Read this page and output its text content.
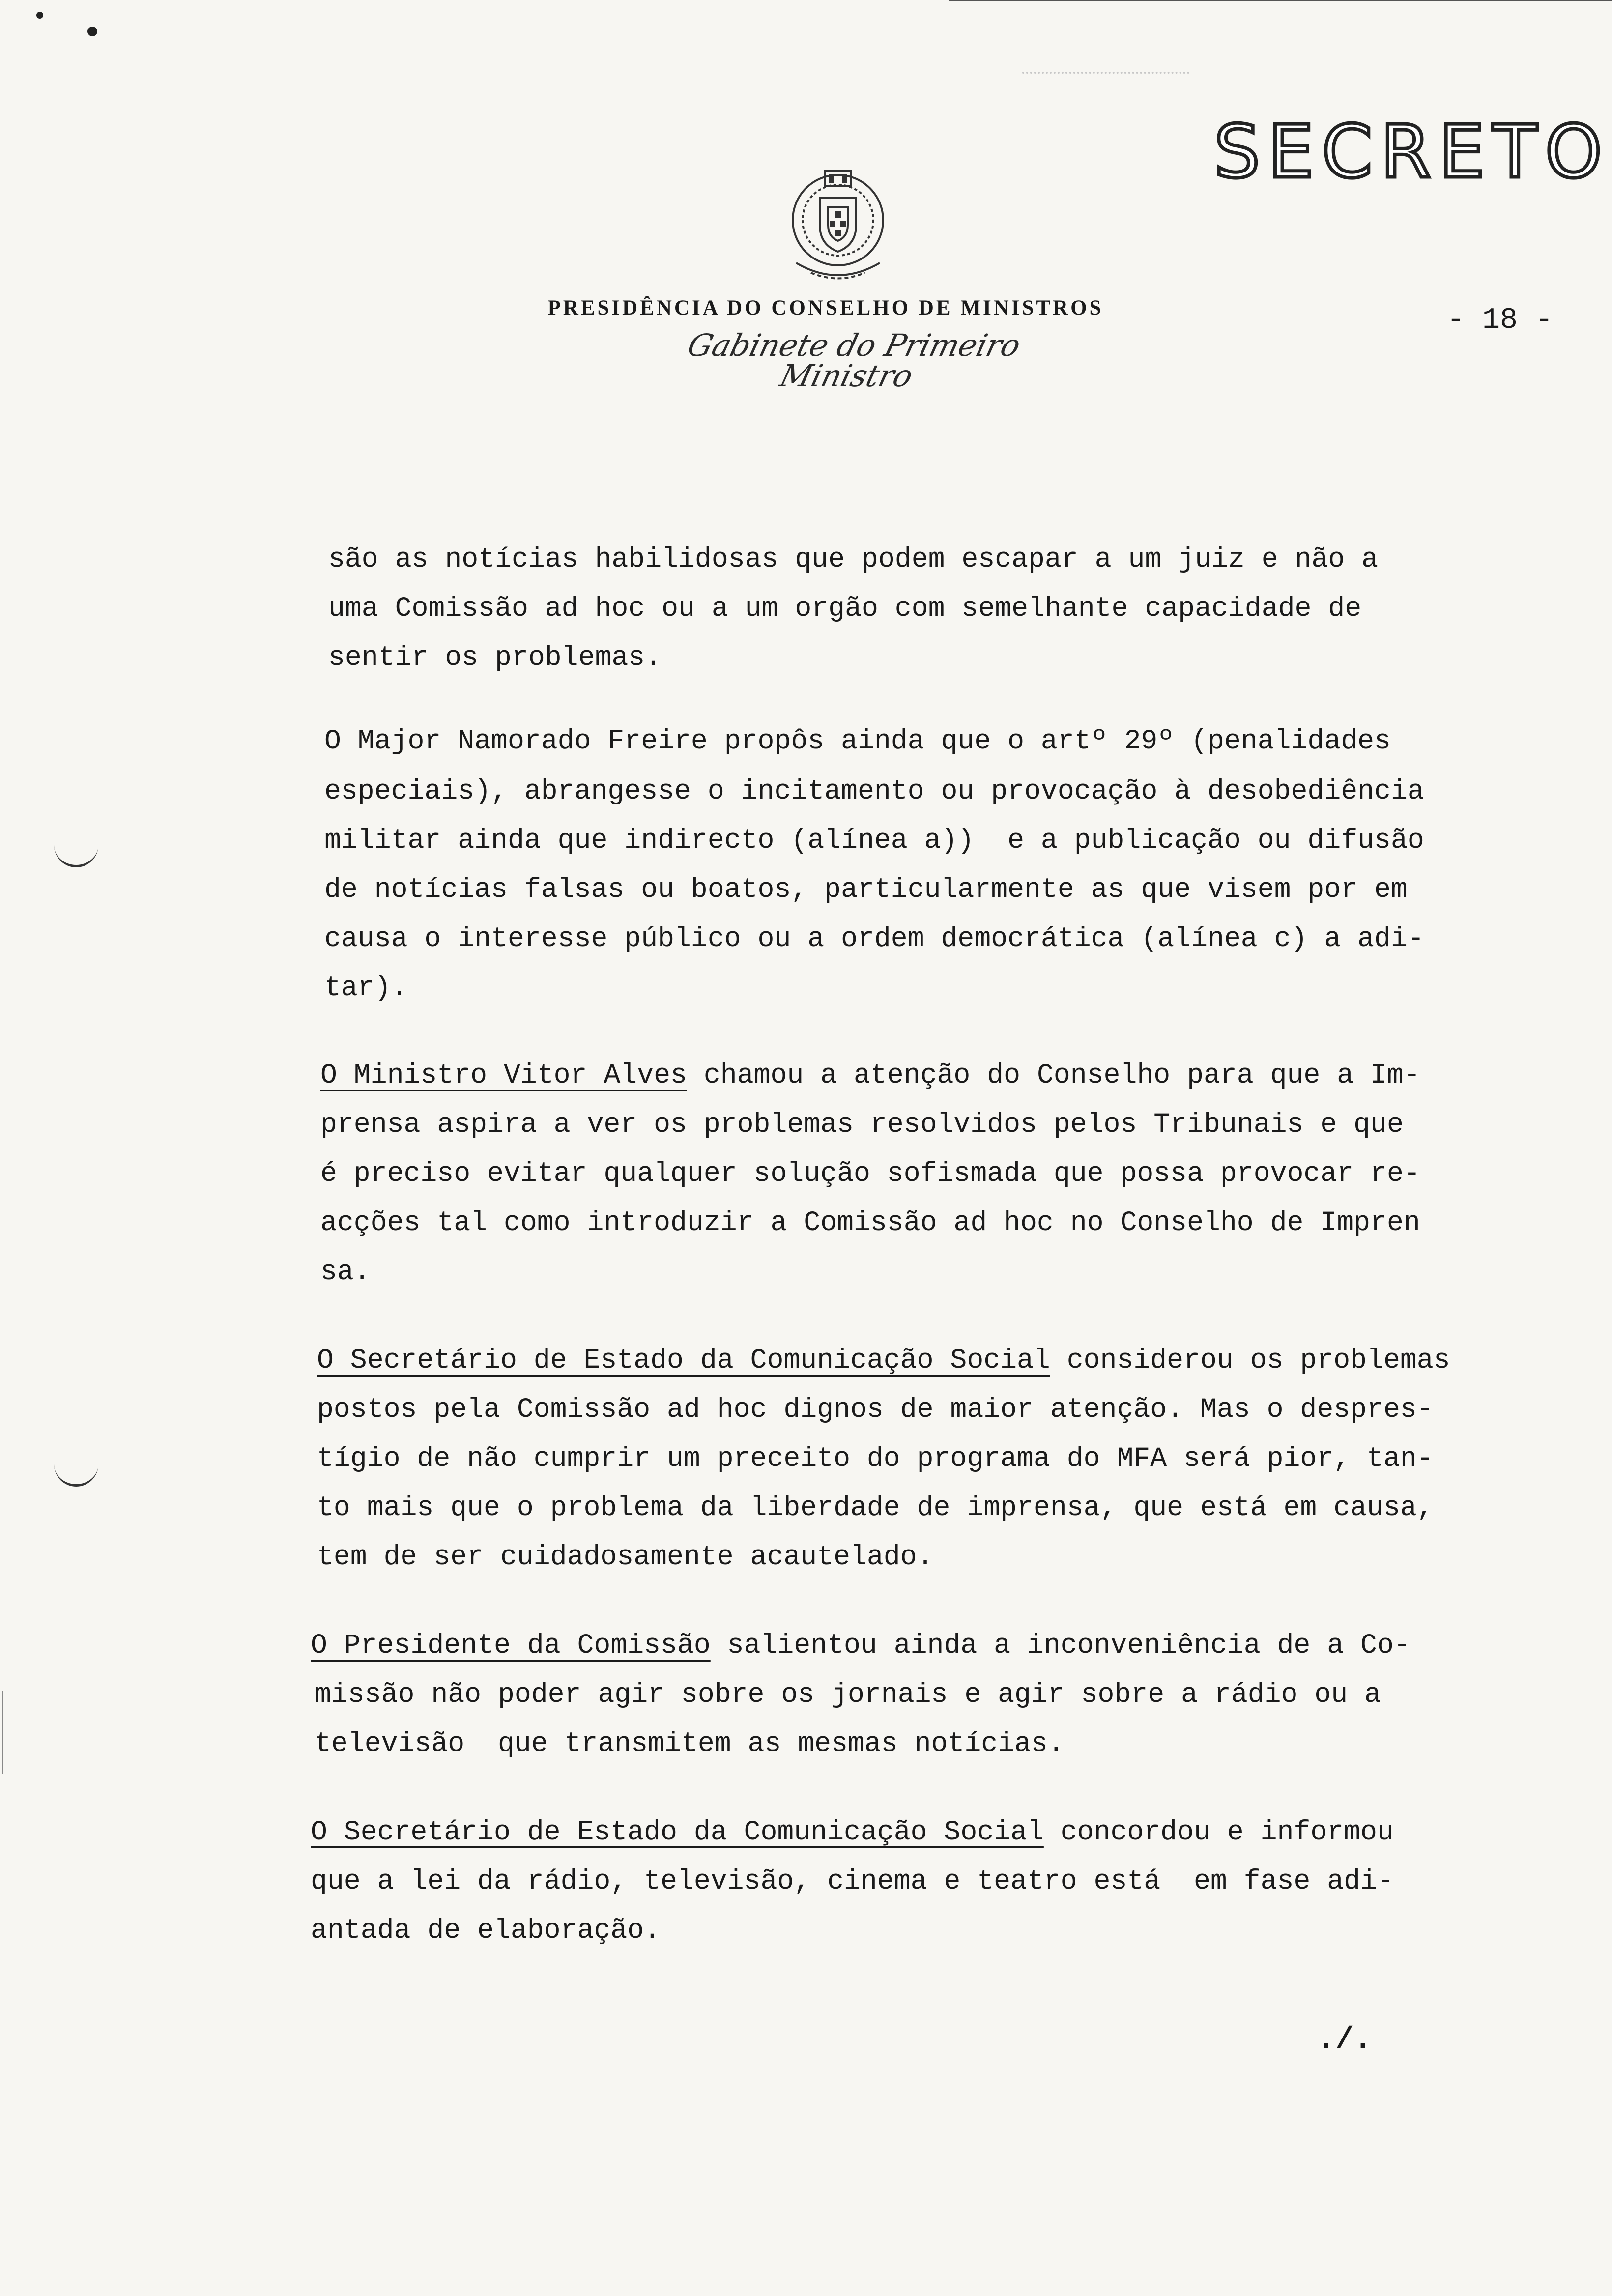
SECRETO
- 18 -
PRESIDÊNCIA DO CONSELHO DE MINISTROS
Gabinete do Primeiro Ministro
são as notícias habilidosas que podem escapar a um juiz e não a
uma Comissão ad hoc ou a um orgão com semelhante capacidade de
sentir os problemas.
O Major Namorado Freire propôs ainda que o artº 29º (penalidades
especiais), abrangesse o incitamento ou provocação à desobediência
militar ainda que indirecto (alínea a))  e a publicação ou difusão
de notícias falsas ou boatos, particularmente as que visem por em
causa o interesse público ou a ordem democrática (alínea c) a adi-
tar).
O Ministro Vitor Alves chamou a atenção do Conselho para que a Im-
prensa aspira a ver os problemas resolvidos pelos Tribunais e que
é preciso evitar qualquer solução sofismada que possa provocar re-
acções tal como introduzir a Comissão ad hoc no Conselho de Impren
sa.
O Secretário de Estado da Comunicação Social considerou os problemas
postos pela Comissão ad hoc dignos de maior atenção. Mas o despres-
tígio de não cumprir um preceito do programa do MFA será pior, tan-
to mais que o problema da liberdade de imprensa, que está em causa,
tem de ser cuidadosamente acautelado.
O Presidente da Comissão salientou ainda a inconveniência de a Co-
missão não poder agir sobre os jornais e agir sobre a rádio ou a
televisão  que transmitem as mesmas notícias.
O Secretário de Estado da Comunicação Social concordou e informou
que a lei da rádio, televisão, cinema e teatro está  em fase adi-
antada de elaboração.
./.
